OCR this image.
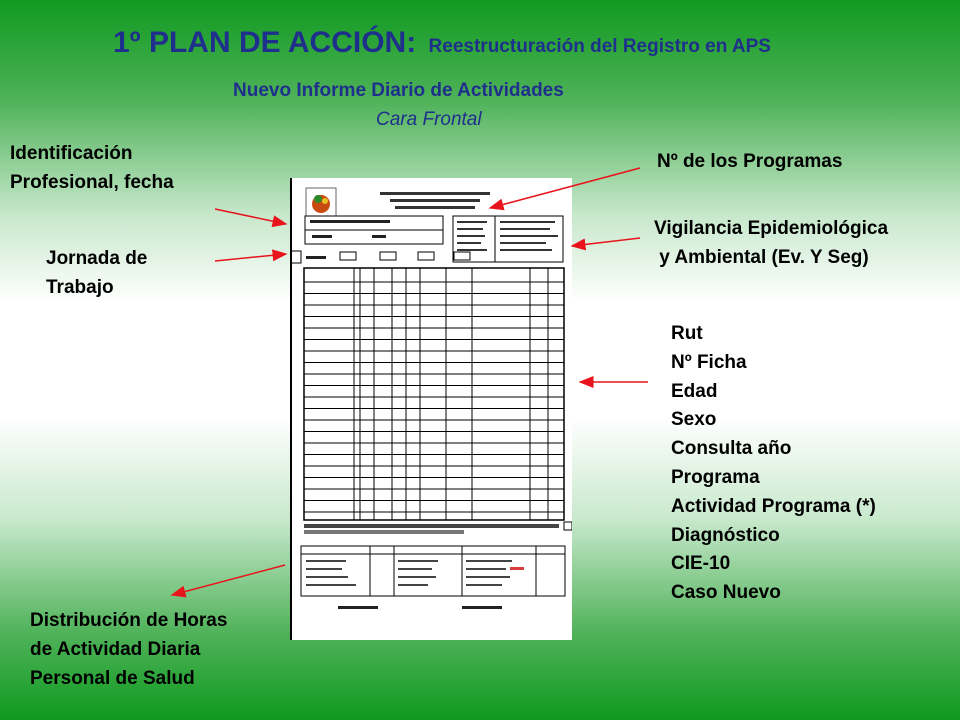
1º PLAN DE ACCIÓN: Reestructuración del Registro en APS
Nuevo Informe Diario de Actividades
Cara Frontal
Identificación
Profesional, fecha
Jornada de
Trabajo
Distribución de Horas
de Actividad Diaria
Personal de Salud
Nº de los Programas
Vigilancia Epidemiológica
y Ambiental (Ev. Y Seg)
Rut
Nº Ficha
Edad
Sexo
Consulta año
Programa
Actividad Programa (*)
Diagnóstico
CIE-10
Caso Nuevo
